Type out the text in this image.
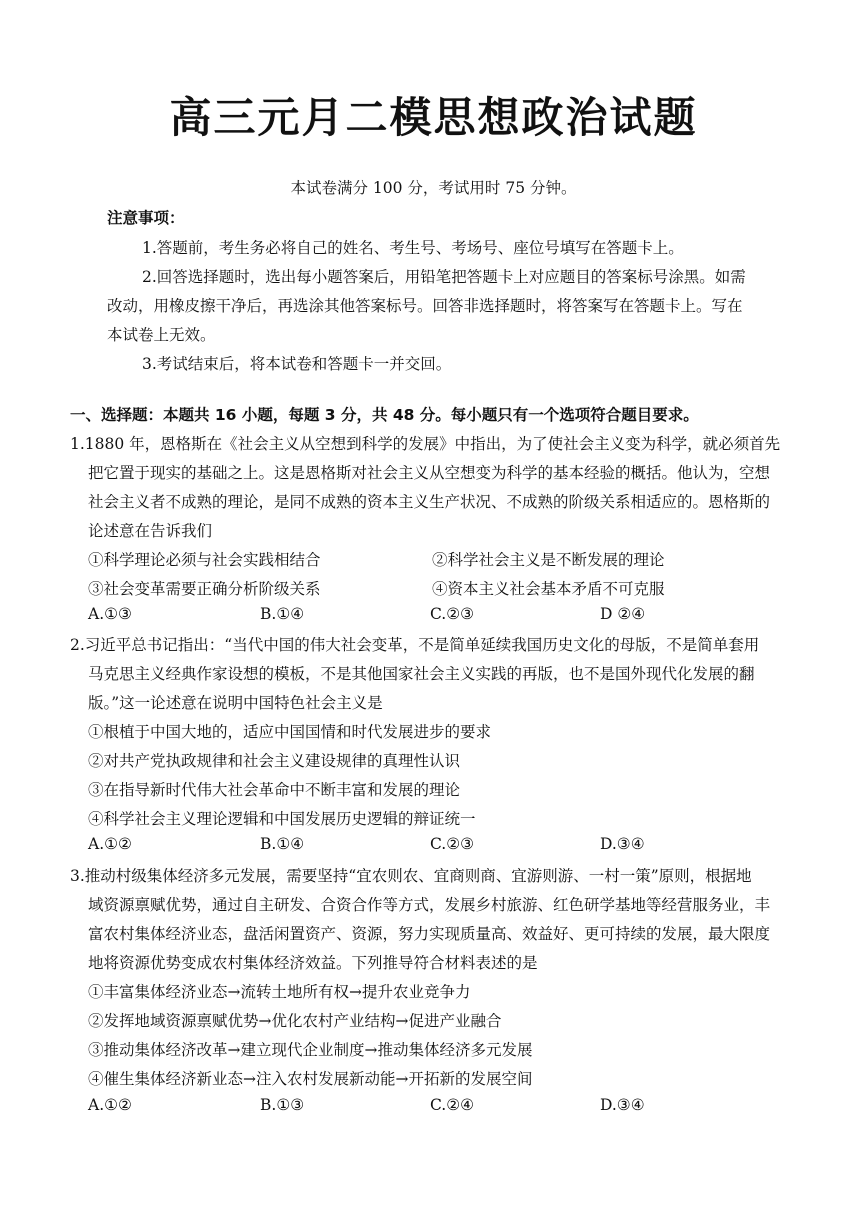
高三元月二模思想政治试题
本试卷满分 100 分，考试用时 75 分钟。
注意事项：
1.答题前，考生务必将自己的姓名、考生号、考场号、座位号填写在答题卡上。
2.回答选择题时，选出每小题答案后，用铅笔把答题卡上对应题目的答案标号涂黑。如需
改动，用橡皮擦干净后，再选涂其他答案标号。回答非选择题时，将答案写在答题卡上。写在
本试卷上无效。
3.考试结束后，将本试卷和答题卡一并交回。
一、选择题：本题共 16 小题，每题 3 分，共 48 分。每小题只有一个选项符合题目要求。
1.1880 年，恩格斯在《社会主义从空想到科学的发展》中指出，为了使社会主义变为科学，就必须首先
把它置于现实的基础之上。这是恩格斯对社会主义从空想变为科学的基本经验的概括。他认为，空想
社会主义者不成熟的理论，是同不成熟的资本主义生产状况、不成熟的阶级关系相适应的。恩格斯的
论述意在告诉我们
①科学理论必须与社会实践相结合	②科学社会主义是不断发展的理论
③社会变革需要正确分析阶级关系	④资本主义社会基本矛盾不可克服
A.①③	B.①④	C.②③	D ②④
2.习近平总书记指出：“当代中国的伟大社会变革，不是简单延续我国历史文化的母版，不是简单套用
马克思主义经典作家设想的模板，不是其他国家社会主义实践的再版，也不是国外现代化发展的翻
版。”这一论述意在说明中国特色社会主义是
①根植于中国大地的，适应中国国情和时代发展进步的要求
②对共产党执政规律和社会主义建设规律的真理性认识
③在指导新时代伟大社会革命中不断丰富和发展的理论
④科学社会主义理论逻辑和中国发展历史逻辑的辩证统一
A.①②	B.①④	C.②③	D.③④
3.推动村级集体经济多元发展，需要坚持“宜农则农、宜商则商、宜游则游、一村一策”原则，根据地
域资源禀赋优势，通过自主研发、合资合作等方式，发展乡村旅游、红色研学基地等经营服务业，丰
富农村集体经济业态，盘活闲置资产、资源，努力实现质量高、效益好、更可持续的发展，最大限度
地将资源优势变成农村集体经济效益。下列推导符合材料表述的是
①丰富集体经济业态→流转土地所有权→提升农业竞争力
②发挥地域资源禀赋优势→优化农村产业结构→促进产业融合
③推动集体经济改革→建立现代企业制度→推动集体经济多元发展
④催生集体经济新业态→注入农村发展新动能→开拓新的发展空间
A.①②	B.①③	C.②④	D.③④
